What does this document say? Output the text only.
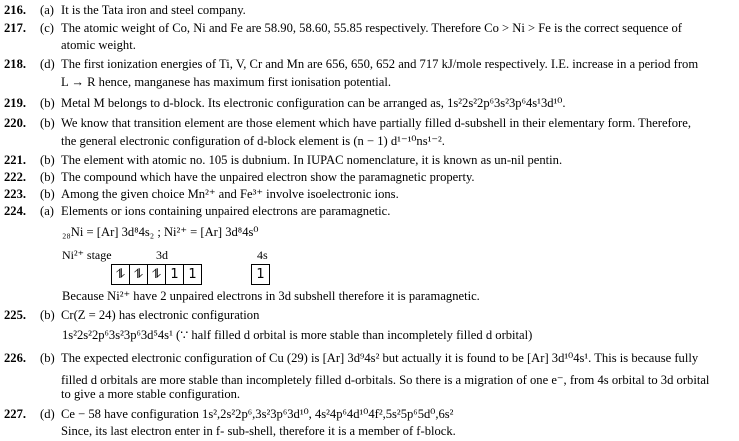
216. (a) It is the Tata iron and steel company.
217. (c) The atomic weight of Co, Ni and Fe are 58.90, 58.60, 55.85 respectively. Therefore Co > Ni > Fe is the correct sequence of
atomic weight.
218. (d) The first ionization energies of Ti, V, Cr and Mn are 656, 650, 652 and 717 kJ/mole respectively. I.E. increase in a period from
L → R hence, manganese has maximum first ionisation potential.
219. (b) Metal M belongs to d-block. Its electronic configuration can be arranged as, 1s²2s²2p⁶3s²3p⁶4s¹3d¹⁰.
220. (b) We know that transition element are those element which have partially filled d-subshell in their elementary form. Therefore,
the general electronic configuration of d-block element is (n − 1) d¹⁻¹⁰ns¹⁻².
221. (b) The element with atomic no. 105 is dubnium. In IUPAC nomenclature, it is known as un-nil pentin.
222. (b) The compound which have the unpaired electron show the paramagnetic property.
223. (b) Among the given choice Mn²⁺ and Fe³⁺ involve isoelectronic ions.
224. (a) Elements or ions containing unpaired electrons are paramagnetic.
₂₈Ni = [Ar] 3d⁸4s₂ ; Ni²⁺ = [Ar] 3d⁸4s⁰
Ni²⁺ stage	3d	4s
⥮ ⥮ ⥮ 1 1	1
Because Ni²⁺ have 2 unpaired electrons in 3d subshell therefore it is paramagnetic.
225. (b) Cr(Z = 24) has electronic configuration
1s²2s²2p⁶3s²3p⁶3d⁵4s¹ (∵ half filled d orbital is more stable than incompletely filled d orbital)
226. (b) The expected electronic configuration of Cu (29) is [Ar] 3d⁹4s² but actually it is found to be [Ar] 3d¹⁰4s¹. This is because fully
filled d orbitals are more stable than incompletely filled d-orbitals. So there is a migration of one e⁻, from 4s orbital to 3d orbital
to give a more stable configuration.
227. (d) Ce − 58 have configuration 1s²,2s²2p⁶,3s²3p⁶3d¹⁰, 4s²4p⁶4d¹⁰4f²,5s²5p⁶5d⁰,6s²
Since, its last electron enter in f- sub-shell, therefore it is a member of f-block.
